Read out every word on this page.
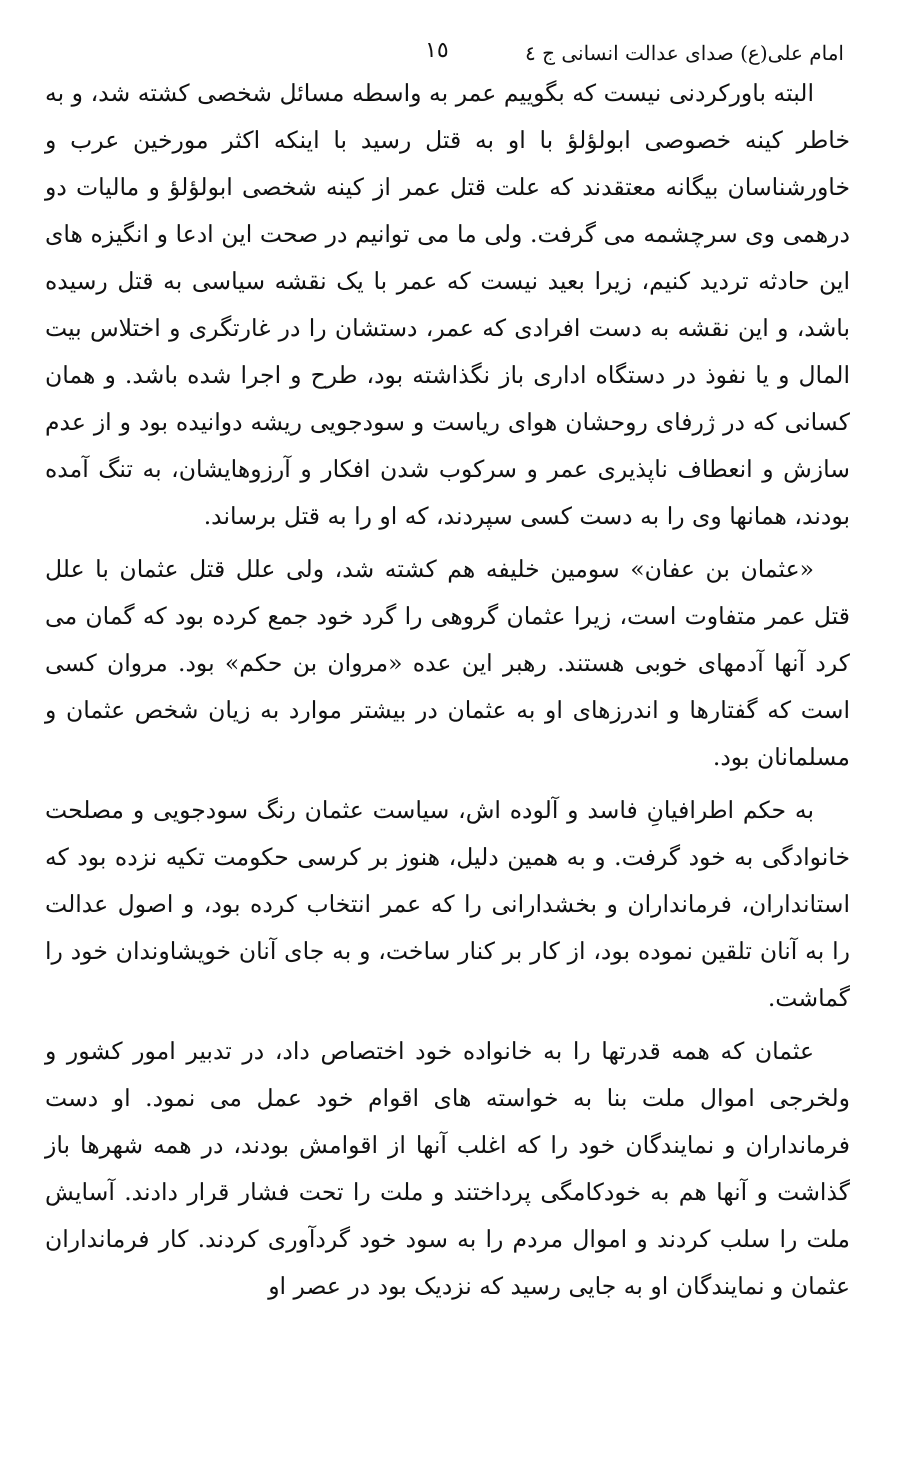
امام علی(ع) صدای عدالت انسانی ج ٤
١٥

البته باورکردنی نیست که بگوییم عمر به واسطه مسائل شخصی کشته شد، و به خاطر کینه خصوصی ابولؤلؤ با او به قتل رسید با اینکه اکثر مورخین عرب و خاورشناسان بیگانه معتقدند که علت قتل عمر از کینه شخصی ابولؤلؤ و مالیات دو درهمی وی سرچشمه می گرفت. ولی ما می توانیم در صحت این ادعا و انگیزه های این حادثه تردید کنیم، زیرا بعید نیست که عمر با یک نقشه سیاسی به قتل رسیده باشد، و این نقشه به دست افرادی که عمر، دستشان را در غارتگری و اختلاس بیت المال و یا نفوذ در دستگاه اداری باز نگذاشته بود، طرح و اجرا شده باشد. و همان کسانی که در ژرفای روحشان هوای ریاست و سودجویی ریشه دوانیده بود و از عدم سازش و انعطاف ناپذیری عمر و سرکوب شدن افکار و آرزوهایشان، به تنگ آمده بودند، همانها وی را به دست کسی سپردند، که او را به قتل برساند.

«عثمان بن عفان» سومین خلیفه هم کشته شد، ولی علل قتل عثمان با علل قتل عمر متفاوت است، زیرا عثمان گروهی را گرد خود جمع کرده بود که گمان می کرد آنها آدمهای خوبی هستند. رهبر این عده «مروان بن حکم» بود. مروان کسی است که گفتارها و اندرزهای او به عثمان در بیشتر موارد به زیان شخص عثمان و مسلمانان بود.

به حکم اطرافیانِ فاسد و آلوده اش، سیاست عثمان رنگ سودجویی و مصلحت خانوادگی به خود گرفت. و به همین دلیل، هنوز بر کرسی حکومت تکیه نزده بود که استانداران، فرمانداران و بخشدارانی را که عمر انتخاب کرده بود، و اصول عدالت را به آنان تلقین نموده بود، از کار بر کنار ساخت، و به جای آنان خویشاوندان خود را گماشت.

عثمان که همه قدرتها را به خانواده خود اختصاص داد، در تدبیر امور کشور و ولخرجی اموال ملت بنا به خواسته های اقوام خود عمل می نمود. او دست فرمانداران و نمایندگان خود را که اغلب آنها از اقوامش بودند، در همه شهرها باز گذاشت و آنها هم به خودکامگی پرداختند و ملت را تحت فشار قرار دادند. آسایش ملت را سلب کردند و اموال مردم را به سود خود گردآوری کردند. کار فرمانداران عثمان و نمایندگان او به جایی رسید که نزدیک بود در عصر او
